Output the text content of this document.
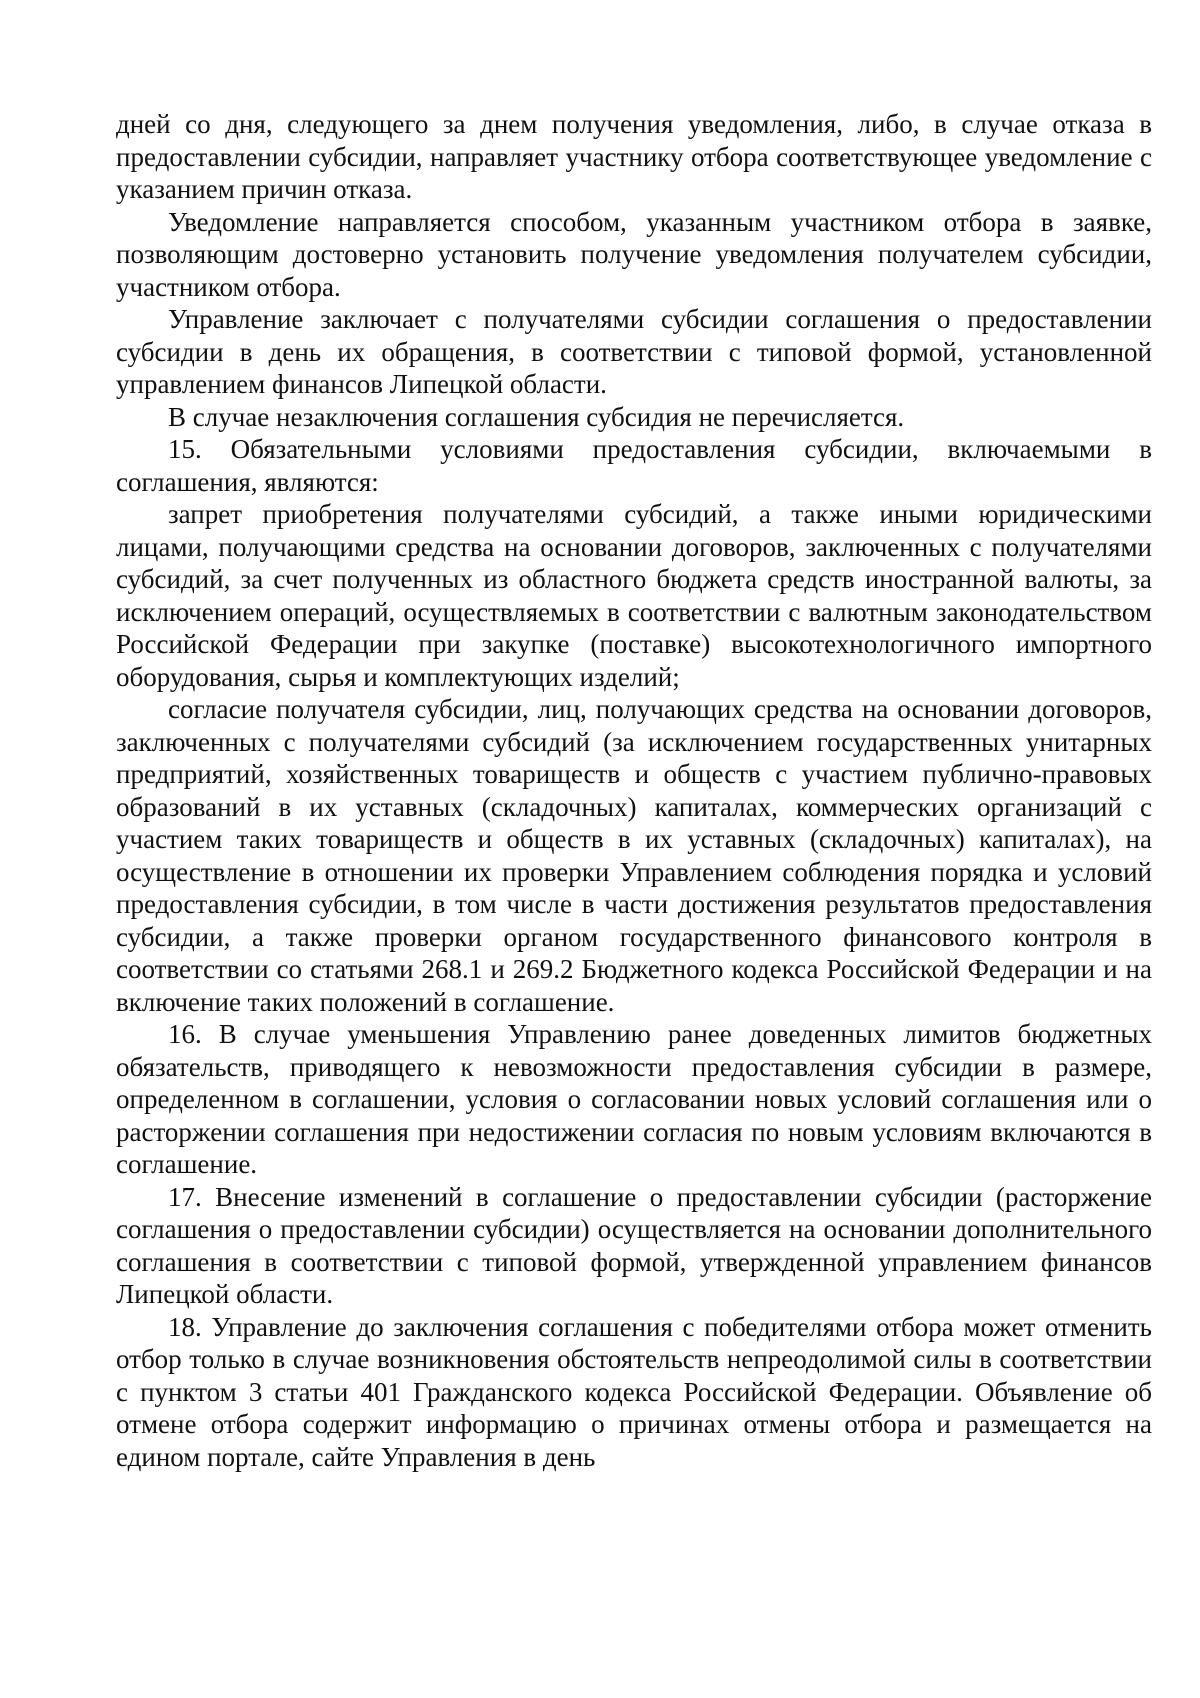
дней со дня, следующего за днем получения уведомления, либо, в случае отказа в предоставлении субсидии, направляет участнику отбора соответствующее уведомление с указанием причин отказа.

Уведомление направляется способом, указанным участником отбора в заявке, позволяющим достоверно установить получение уведомления получателем субсидии, участником отбора.

Управление заключает с получателями субсидии соглашения о предоставлении субсидии в день их обращения, в соответствии с типовой формой, установленной управлением финансов Липецкой области.

В случае незаключения соглашения субсидия не перечисляется.

15. Обязательными условиями предоставления субсидии, включаемыми в соглашения, являются:

запрет приобретения получателями субсидий, а также иными юридическими лицами, получающими средства на основании договоров, заключенных с получателями субсидий, за счет полученных из областного бюджета средств иностранной валюты, за исключением операций, осуществляемых в соответствии с валютным законодательством Российской Федерации при закупке (поставке) высокотехнологичного импортного оборудования, сырья и комплектующих изделий;

согласие получателя субсидии, лиц, получающих средства на основании договоров, заключенных с получателями субсидий (за исключением государственных унитарных предприятий, хозяйственных товариществ и обществ с участием публично-правовых образований в их уставных (складочных) капиталах, коммерческих организаций с участием таких товариществ и обществ в их уставных (складочных) капиталах), на осуществление в отношении их проверки Управлением соблюдения порядка и условий предоставления субсидии, в том числе в части достижения результатов предоставления субсидии, а также проверки органом государственного финансового контроля в соответствии со статьями 268.1 и 269.2 Бюджетного кодекса Российской Федерации и на включение таких положений в соглашение.

16. В случае уменьшения Управлению ранее доведенных лимитов бюджетных обязательств, приводящего к невозможности предоставления субсидии в размере, определенном в соглашении, условия о согласовании новых условий соглашения или о расторжении соглашения при недостижении согласия по новым условиям включаются в соглашение.

17. Внесение изменений в соглашение о предоставлении субсидии (расторжение соглашения о предоставлении субсидии) осуществляется на основании дополнительного соглашения в соответствии с типовой формой, утвержденной управлением финансов Липецкой области.

18. Управление до заключения соглашения с победителями отбора может отменить отбор только в случае возникновения обстоятельств непреодолимой силы в соответствии с пунктом 3 статьи 401 Гражданского кодекса Российской Федерации. Объявление об отмене отбора содержит информацию о причинах отмены отбора и размещается на едином портале, сайте Управления в день
